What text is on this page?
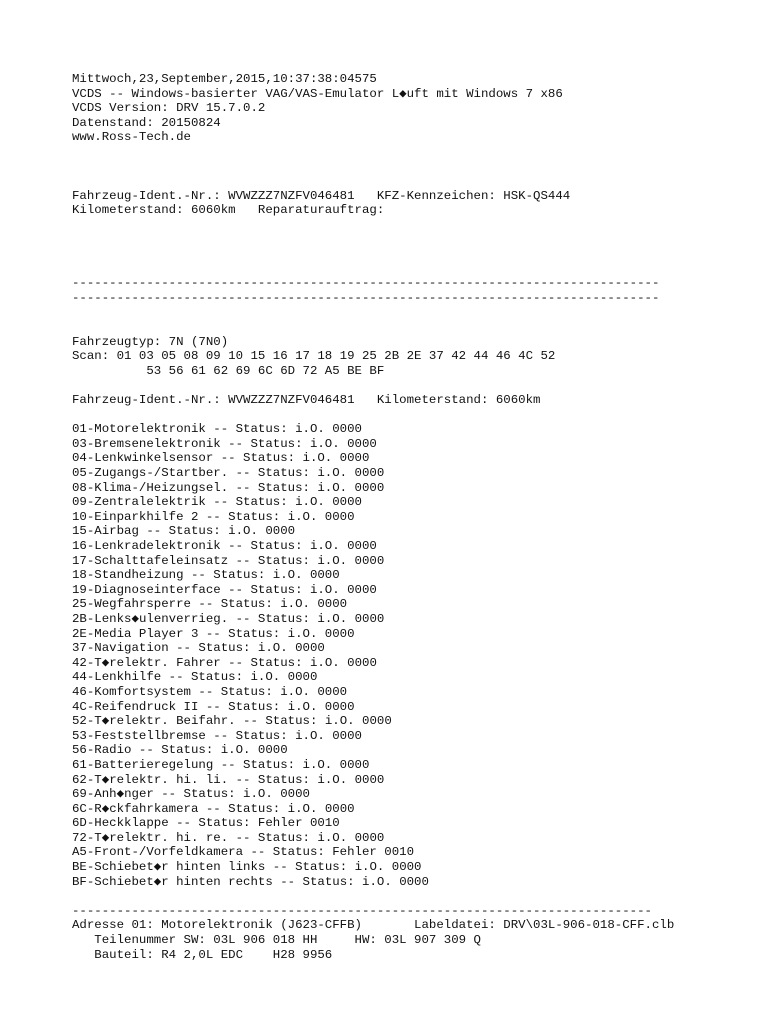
Mittwoch,23,September,2015,10:37:38:04575
VCDS -- Windows-basierter VAG/VAS-Emulator L◆uft mit Windows 7 x86
VCDS Version: DRV 15.7.0.2
Datenstand: 20150824
www.Ross-Tech.de
Fahrzeug-Ident.-Nr.: WVWZZZ7NZFV046481   KFZ-Kennzeichen: HSK-QS444
Kilometerstand: 6060km   Reparaturauftrag:
-------------------------------------------------------------------------------
-------------------------------------------------------------------------------
Fahrzeugtyp: 7N (7N0)
Scan: 01 03 05 08 09 10 15 16 17 18 19 25 2B 2E 37 42 44 46 4C 52
53 56 61 62 69 6C 6D 72 A5 BE BF
Fahrzeug-Ident.-Nr.: WVWZZZ7NZFV046481   Kilometerstand: 6060km
01-Motorelektronik -- Status: i.O. 0000
03-Bremsenelektronik -- Status: i.O. 0000
04-Lenkwinkelsensor -- Status: i.O. 0000
05-Zugangs-/Startber. -- Status: i.O. 0000
08-Klima-/Heizungsel. -- Status: i.O. 0000
09-Zentralelektrik -- Status: i.O. 0000
10-Einparkhilfe 2 -- Status: i.O. 0000
15-Airbag -- Status: i.O. 0000
16-Lenkradelektronik -- Status: i.O. 0000
17-Schalttafeleinsatz -- Status: i.O. 0000
18-Standheizung -- Status: i.O. 0000
19-Diagnoseinterface -- Status: i.O. 0000
25-Wegfahrsperre -- Status: i.O. 0000
2B-Lenks◆ulenverrieg. -- Status: i.O. 0000
2E-Media Player 3 -- Status: i.O. 0000
37-Navigation -- Status: i.O. 0000
42-T◆relektr. Fahrer -- Status: i.O. 0000
44-Lenkhilfe -- Status: i.O. 0000
46-Komfortsystem -- Status: i.O. 0000
4C-Reifendruck II -- Status: i.O. 0000
52-T◆relektr. Beifahr. -- Status: i.O. 0000
53-Feststellbremse -- Status: i.O. 0000
56-Radio -- Status: i.O. 0000
61-Batterieregelung -- Status: i.O. 0000
62-T◆relektr. hi. li. -- Status: i.O. 0000
69-Anh◆nger -- Status: i.O. 0000
6C-R◆ckfahrkamera -- Status: i.O. 0000
6D-Heckklappe -- Status: Fehler 0010
72-T◆relektr. hi. re. -- Status: i.O. 0000
A5-Front-/Vorfeldkamera -- Status: Fehler 0010
BE-Schiebet◆r hinten links -- Status: i.O. 0000
BF-Schiebet◆r hinten rechts -- Status: i.O. 0000
------------------------------------------------------------------------------
Adresse 01: Motorelektronik (J623-CFFB)       Labeldatei: DRV\03L-906-018-CFF.clb
Teilenummer SW: 03L 906 018 HH     HW: 03L 907 309 Q
Bauteil: R4 2,0L EDC    H28 9956
